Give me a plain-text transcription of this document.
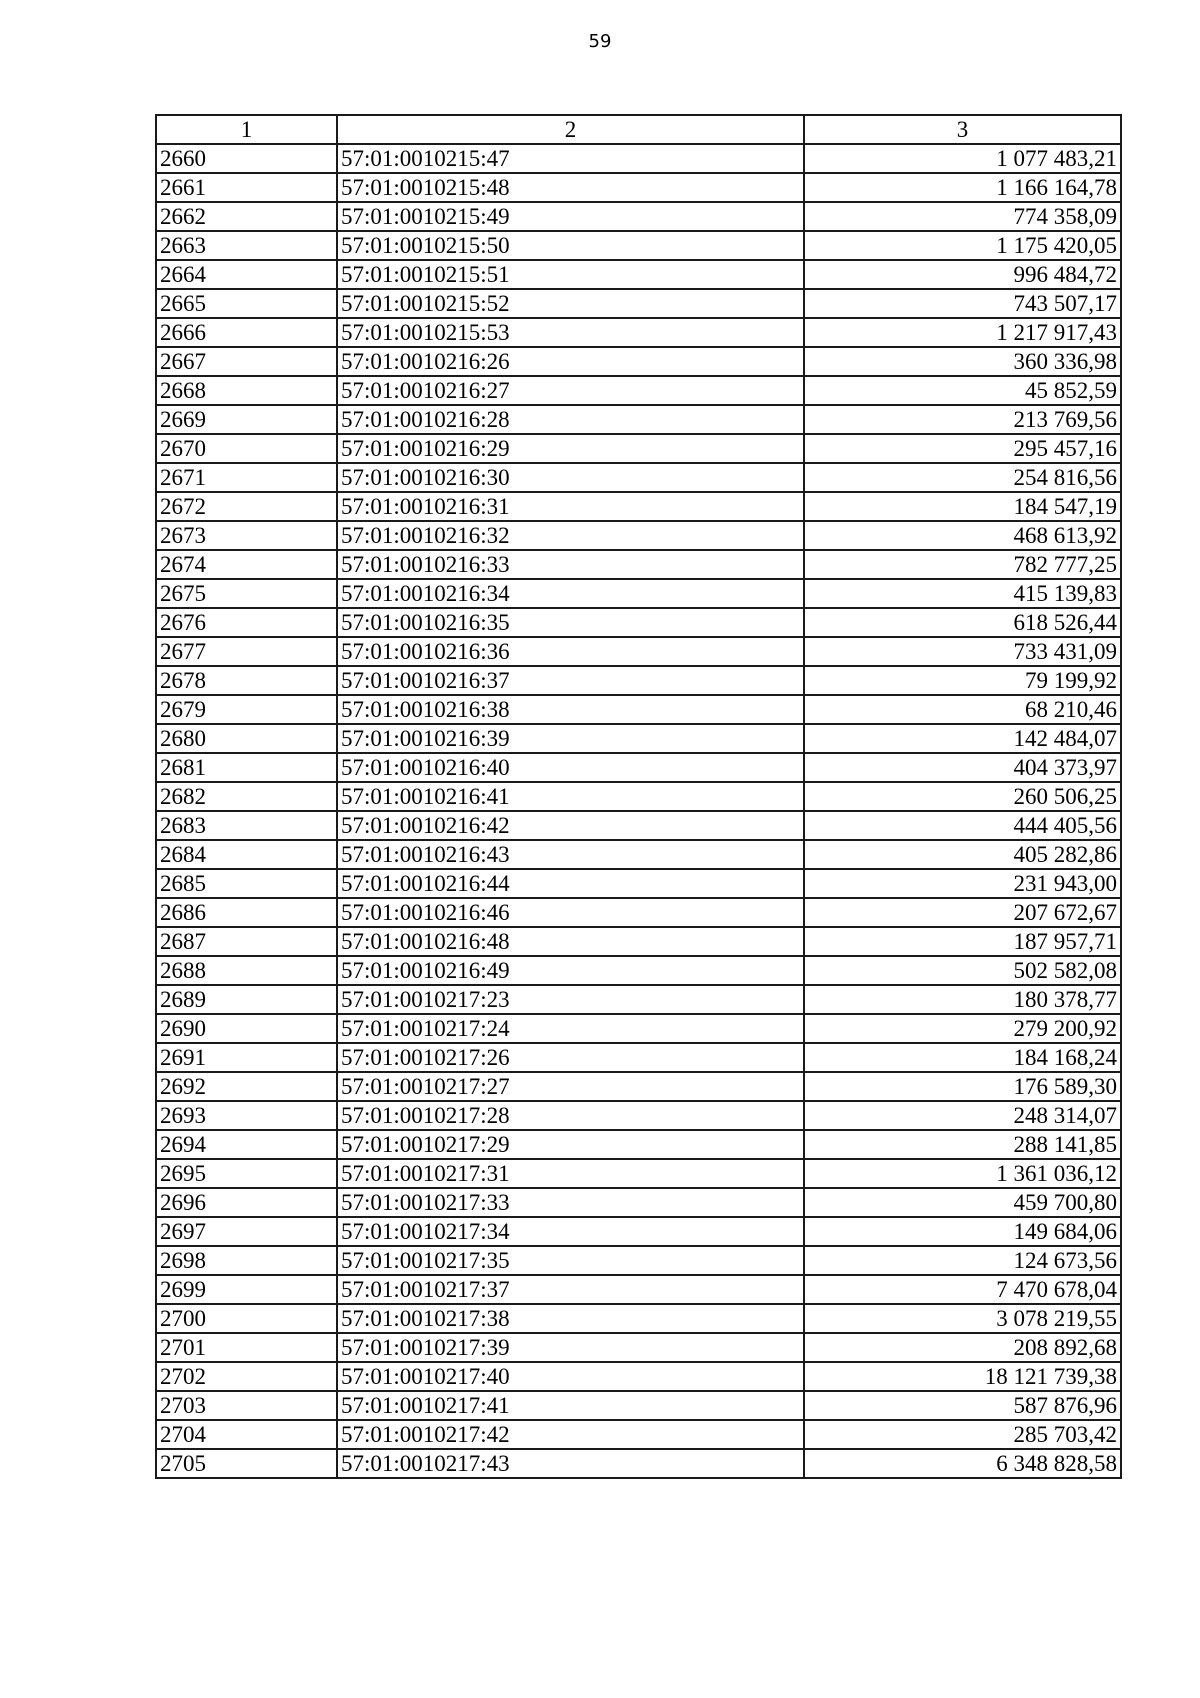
59
1	2	3
2660	57:01:0010215:47	1 077 483,21
2661	57:01:0010215:48	1 166 164,78
2662	57:01:0010215:49	774 358,09
2663	57:01:0010215:50	1 175 420,05
2664	57:01:0010215:51	996 484,72
2665	57:01:0010215:52	743 507,17
2666	57:01:0010215:53	1 217 917,43
2667	57:01:0010216:26	360 336,98
2668	57:01:0010216:27	45 852,59
2669	57:01:0010216:28	213 769,56
2670	57:01:0010216:29	295 457,16
2671	57:01:0010216:30	254 816,56
2672	57:01:0010216:31	184 547,19
2673	57:01:0010216:32	468 613,92
2674	57:01:0010216:33	782 777,25
2675	57:01:0010216:34	415 139,83
2676	57:01:0010216:35	618 526,44
2677	57:01:0010216:36	733 431,09
2678	57:01:0010216:37	79 199,92
2679	57:01:0010216:38	68 210,46
2680	57:01:0010216:39	142 484,07
2681	57:01:0010216:40	404 373,97
2682	57:01:0010216:41	260 506,25
2683	57:01:0010216:42	444 405,56
2684	57:01:0010216:43	405 282,86
2685	57:01:0010216:44	231 943,00
2686	57:01:0010216:46	207 672,67
2687	57:01:0010216:48	187 957,71
2688	57:01:0010216:49	502 582,08
2689	57:01:0010217:23	180 378,77
2690	57:01:0010217:24	279 200,92
2691	57:01:0010217:26	184 168,24
2692	57:01:0010217:27	176 589,30
2693	57:01:0010217:28	248 314,07
2694	57:01:0010217:29	288 141,85
2695	57:01:0010217:31	1 361 036,12
2696	57:01:0010217:33	459 700,80
2697	57:01:0010217:34	149 684,06
2698	57:01:0010217:35	124 673,56
2699	57:01:0010217:37	7 470 678,04
2700	57:01:0010217:38	3 078 219,55
2701	57:01:0010217:39	208 892,68
2702	57:01:0010217:40	18 121 739,38
2703	57:01:0010217:41	587 876,96
2704	57:01:0010217:42	285 703,42
2705	57:01:0010217:43	6 348 828,58
